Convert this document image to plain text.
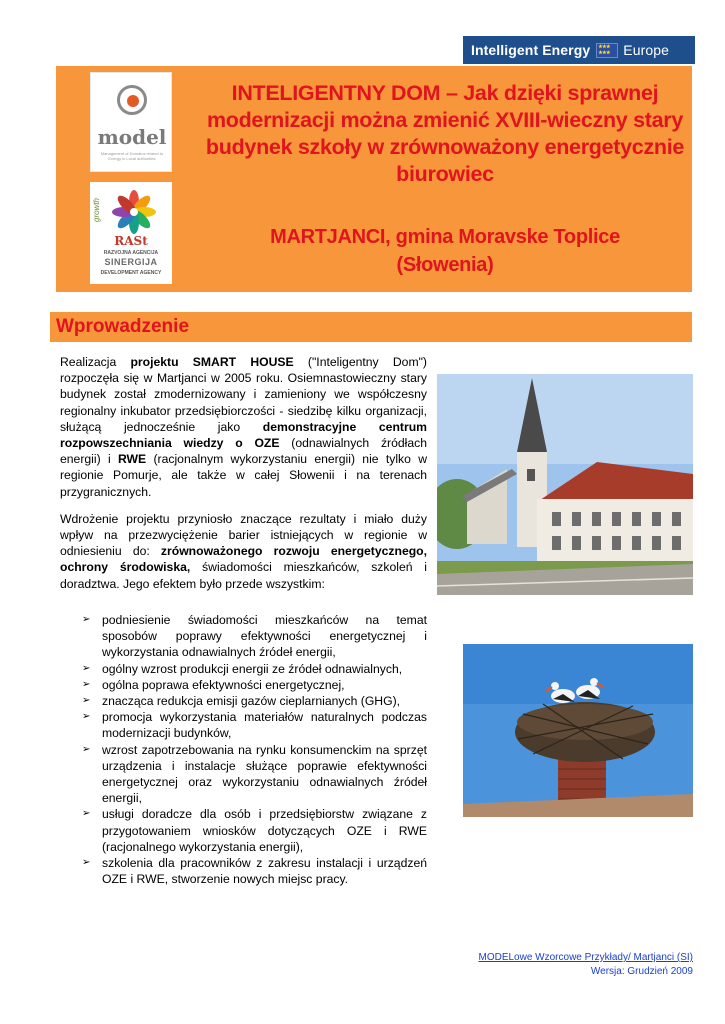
Intelligent Energy
★ ★ ★ ★ ★ ★ Europe
model
Management of Domains related to Energy in Local authorities
growth
RASt
RAZVOJNA AGENCIJA
SINERGIJA
DEVELOPMENT AGENCY
INTELIGENTNY DOM – Jak dzięki sprawnej modernizacji można zmienić XVIII-wieczny stary budynek szkoły w zrównoważony energetycznie biurowiec
MARTJANCI, gmina Moravske Toplice
(Słowenia)
Wprowadzenie

Realizacja projektu SMART HOUSE ("Inteligentny Dom") rozpoczęła się w Martjanci w 2005 roku. Osiemnastowieczny stary budynek został zmodernizowany i zamieniony we współczesny regionalny inkubator przedsiębiorczości - siedzibę kilku organizacji, służącą jednocześnie jako demonstracyjne centrum rozpowszechniania wiedzy o OZE (odnawialnych źródłach energii) i RWE (racjonalnym wykorzystaniu energii) nie tylko w regionie Pomurje, ale także w całej Słowenii i na terenach przygranicznych.

Wdrożenie projektu przyniosło znaczące rezultaty i miało duży wpływ na przezwyciężenie barier istniejących w regionie w odniesieniu do: zrównoważonego rozwoju energetycznego, ochrony środowiska, świadomości mieszkańców, szkoleń i doradztwa. Jego efektem było przede wszystkim:

➢ podniesienie świadomości mieszkańców na temat sposobów poprawy efektywności energetycznej i wykorzystania odnawialnych źródeł energii,
➢ ogólny wzrost produkcji energii ze źródeł odnawialnych,
➢ ogólna poprawa efektywności energetycznej,
➢ znacząca redukcja emisji gazów cieplarnianych (GHG),
➢ promocja wykorzystania materiałów naturalnych podczas modernizacji budynków,
➢ wzrost zapotrzebowania na rynku konsumenckim na sprzęt urządzenia i instalacje służące poprawie efektywności energetycznej oraz wykorzystaniu odnawialnych źródeł energii,
➢ usługi doradcze dla osób i przedsiębiorstw związane z przygotowaniem wniosków dotyczących OZE i RWE (racjonalnego wykorzystania energii),
➢ szkolenia dla pracowników z zakresu instalacji i urządzeń OZE i RWE, stworzenie nowych miejsc pracy.
MODELowe Wzorcowe Przykłady/ Martjanci (SI)
Wersja: Grudzień 2009
